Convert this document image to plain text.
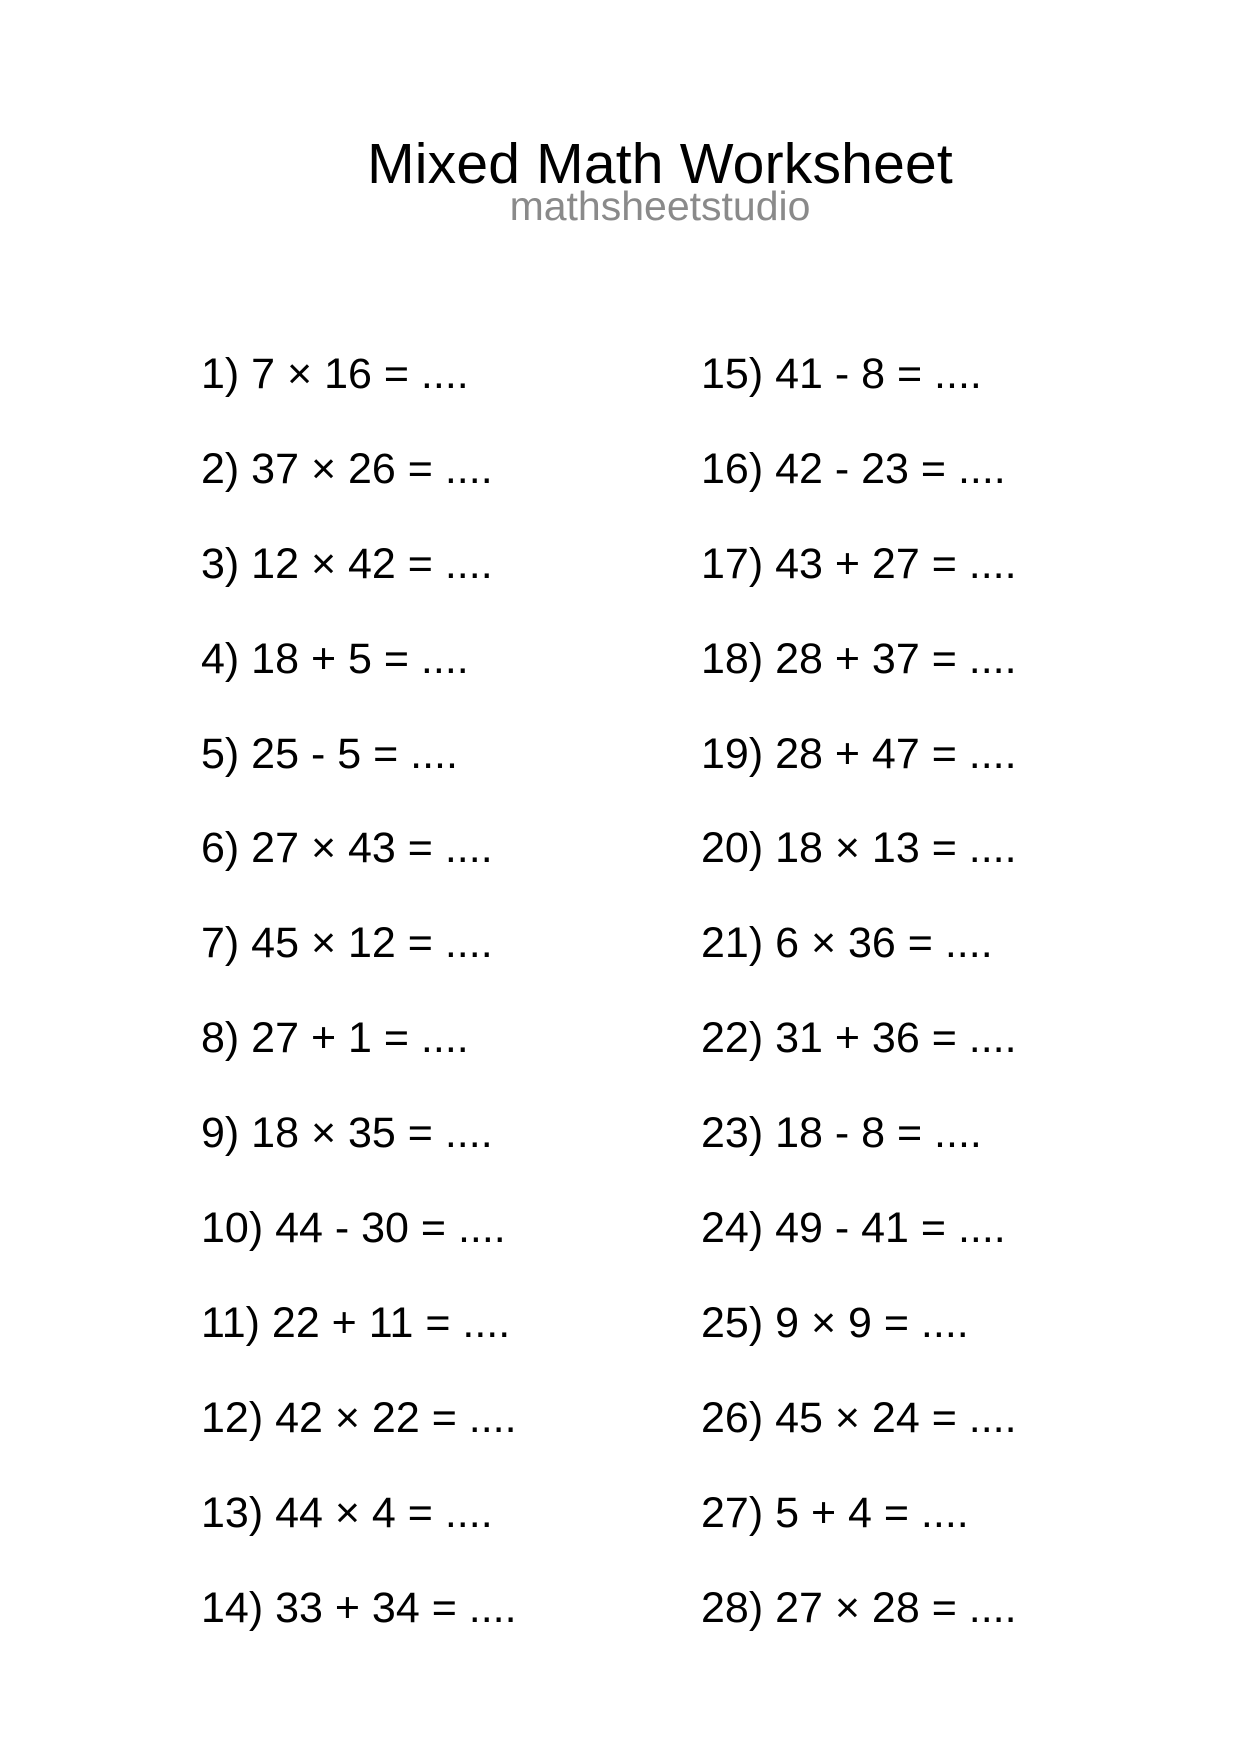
Mixed Math Worksheet
mathsheetstudio
1) 7 × 16 = ....
2) 37 × 26 = ....
3) 12 × 42 = ....
4) 18 + 5 = ....
5) 25 - 5 = ....
6) 27 × 43 = ....
7) 45 × 12 = ....
8) 27 + 1 = ....
9) 18 × 35 = ....
10) 44 - 30 = ....
11) 22 + 11 = ....
12) 42 × 22 = ....
13) 44 × 4 = ....
14) 33 + 34 = ....
15) 41 - 8 = ....
16) 42 - 23 = ....
17) 43 + 27 = ....
18) 28 + 37 = ....
19) 28 + 47 = ....
20) 18 × 13 = ....
21) 6 × 36 = ....
22) 31 + 36 = ....
23) 18 - 8 = ....
24) 49 - 41 = ....
25) 9 × 9 = ....
26) 45 × 24 = ....
27) 5 + 4 = ....
28) 27 × 28 = ....
